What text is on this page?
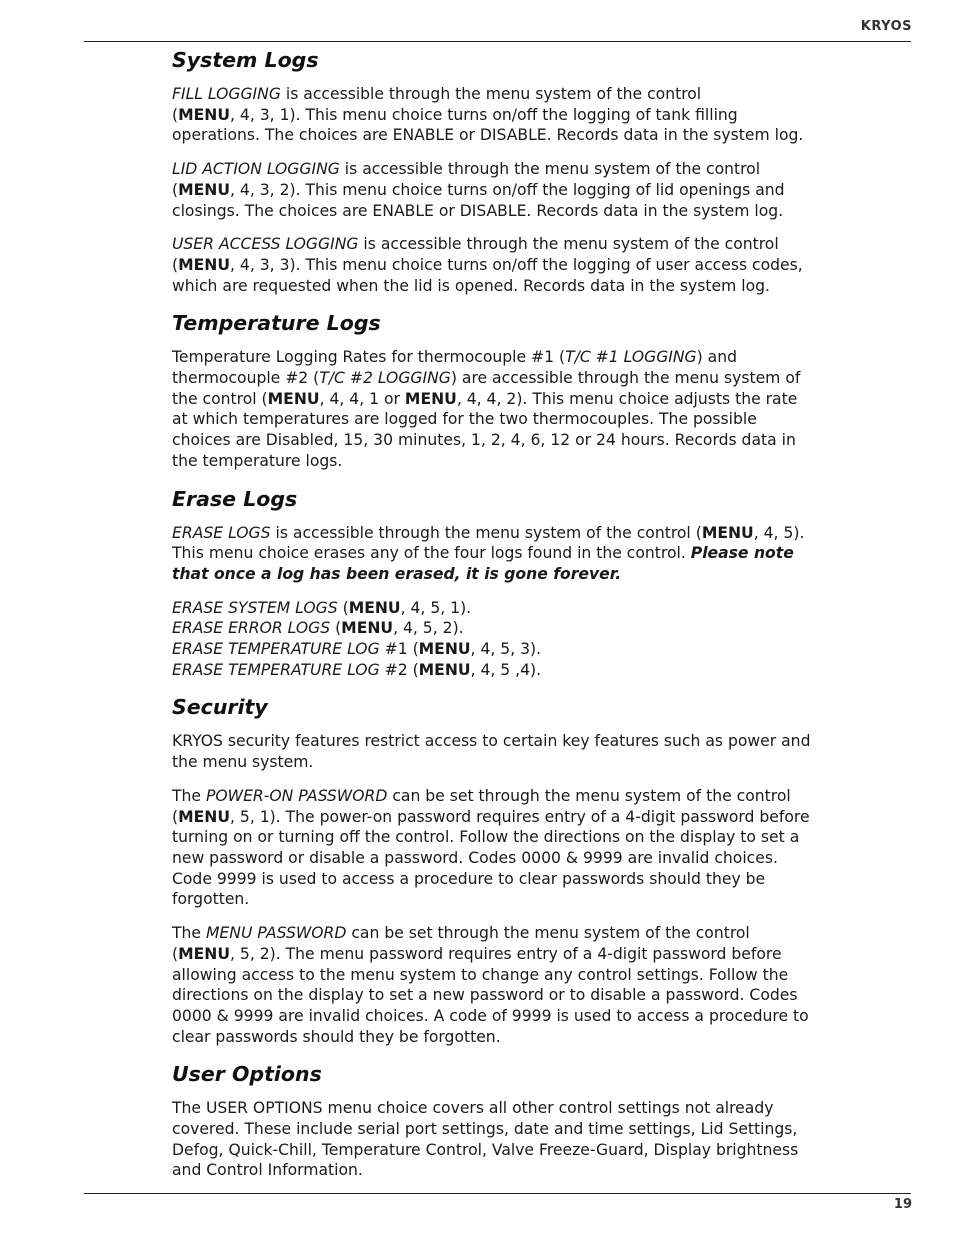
KRYOS
System Logs

FILL LOGGING is accessible through the menu system of the control
(MENU, 4, 3, 1). This menu choice turns on/off the logging of tank filling operations. The choices are ENABLE or DISABLE. Records data in the system log.

LID ACTION LOGGING is accessible through the menu system of the control
(MENU, 4, 3, 2). This menu choice turns on/off the logging of lid openings and closings. The choices are ENABLE or DISABLE. Records data in the system log.

USER ACCESS LOGGING is accessible through the menu system of the control
(MENU, 4, 3, 3). This menu choice turns on/off the logging of user access codes, which are requested when the lid is opened. Records data in the system log.

Temperature Logs

Temperature Logging Rates for thermocouple #1 (T/C #1 LOGGING) and thermocouple #2 (T/C #2 LOGGING) are accessible through the menu system of the control (MENU, 4, 4, 1 or MENU, 4, 4, 2). This menu choice adjusts the rate at which temperatures are logged for the two thermocouples. The possible choices are Disabled, 15, 30 minutes, 1, 2, 4, 6, 12 or 24 hours. Records data in the temperature logs.

Erase Logs

ERASE LOGS is accessible through the menu system of the control (MENU, 4, 5). This menu choice erases any of the four logs found in the control. Please note that once a log has been erased, it is gone forever.

ERASE SYSTEM LOGS (MENU, 4, 5, 1).
ERASE ERROR LOGS (MENU, 4, 5, 2).
ERASE TEMPERATURE LOG #1 (MENU, 4, 5, 3).
ERASE TEMPERATURE LOG #2 (MENU, 4, 5 ,4).

Security

KRYOS security features restrict access to certain key features such as power and the menu system.

The POWER-ON PASSWORD can be set through the menu system of the control
(MENU, 5, 1). The power-on password requires entry of a 4-digit password before turning on or turning off the control. Follow the directions on the display to set a new password or disable a password. Codes 0000 & 9999 are invalid choices. Code 9999 is used to access a procedure to clear passwords should they be forgotten.

The MENU PASSWORD can be set through the menu system of the control
(MENU, 5, 2). The menu password requires entry of a 4-digit password before allowing access to the menu system to change any control settings. Follow the directions on the display to set a new password or to disable a password. Codes 0000 & 9999 are invalid choices. A code of 9999 is used to access a procedure to clear passwords should they be forgotten.

User Options

The USER OPTIONS menu choice covers all other control settings not already covered. These include serial port settings, date and time settings, Lid Settings, Defog, Quick-Chill, Temperature Control, Valve Freeze-Guard, Display brightness and Control Information.

19
